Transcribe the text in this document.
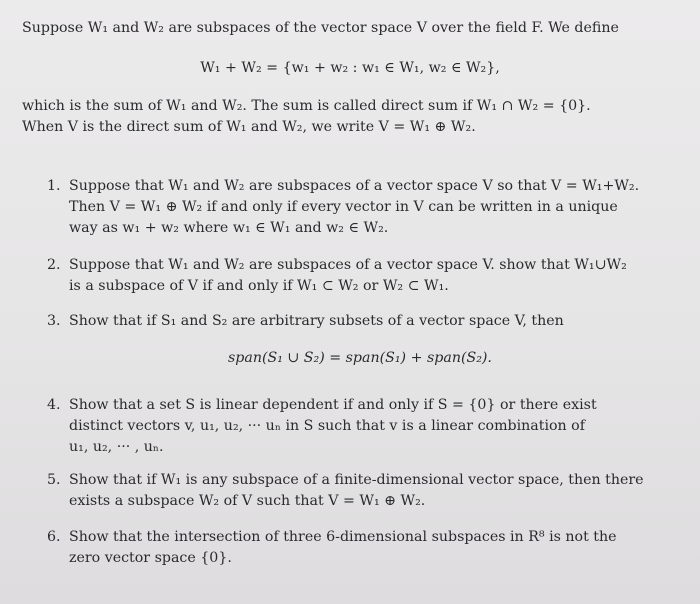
Suppose W₁ and W₂ are subspaces of the vector space V over the field F. We define
W₁ + W₂ = {w₁ + w₂ : w₁ ∈ W₁, w₂ ∈ W₂},
which is the sum of W₁ and W₂. The sum is called direct sum if W₁ ∩ W₂ = {0}.
When V is the direct sum of W₁ and W₂, we write V = W₁ ⊕ W₂.
1. Suppose that W₁ and W₂ are subspaces of a vector space V so that V = W₁+W₂.
Then V = W₁ ⊕ W₂ if and only if every vector in V can be written in a unique
way as w₁ + w₂ where w₁ ∈ W₁ and w₂ ∈ W₂.
2. Suppose that W₁ and W₂ are subspaces of a vector space V. show that W₁∪W₂
is a subspace of V if and only if W₁ ⊂ W₂ or W₂ ⊂ W₁.
3. Show that if S₁ and S₂ are arbitrary subsets of a vector space V, then
span(S₁ ∪ S₂) = span(S₁) + span(S₂).
4. Show that a set S is linear dependent if and only if S = {0} or there exist
distinct vectors v, u₁, u₂, ··· uₙ in S such that v is a linear combination of
u₁, u₂, ··· , uₙ.
5. Show that if W₁ is any subspace of a finite-dimensional vector space, then there
exists a subspace W₂ of V such that V = W₁ ⊕ W₂.
6. Show that the intersection of three 6-dimensional subspaces in R⁸ is not the
zero vector space {0}.
